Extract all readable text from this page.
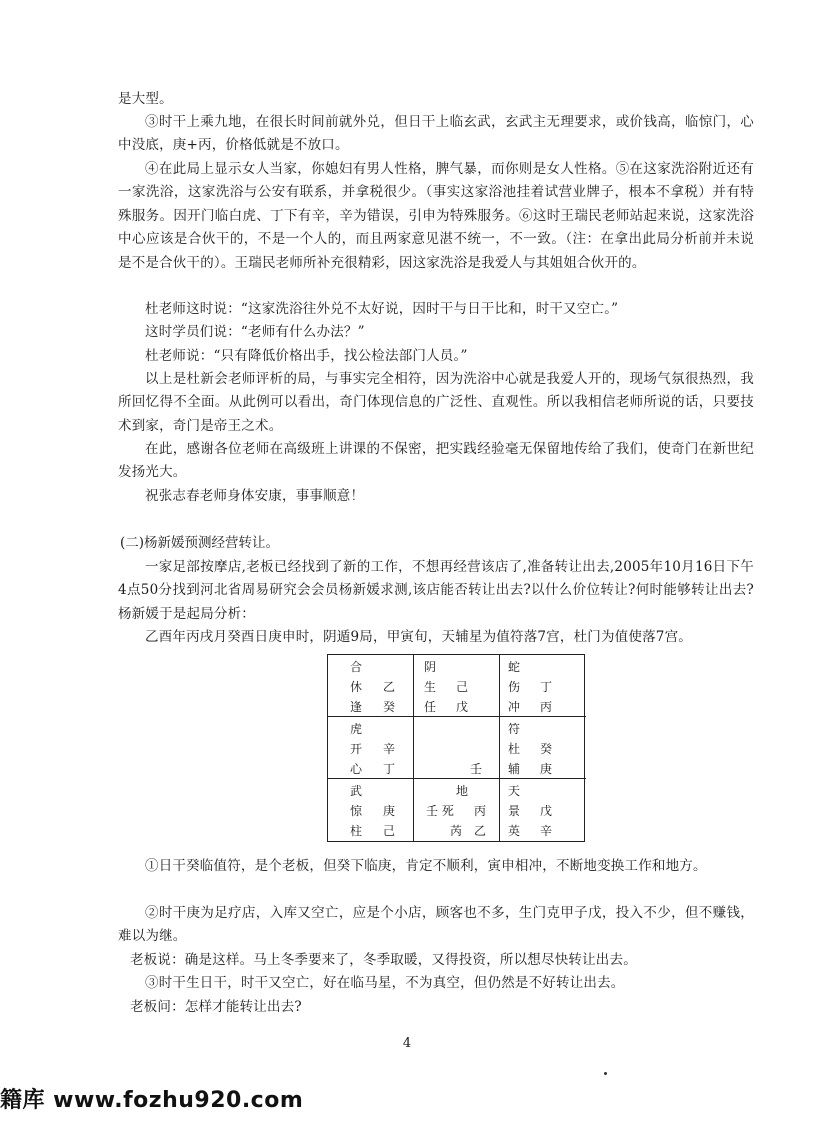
是大型。

③时干上乘九地，在很长时间前就外兑，但日干上临玄武，玄武主无理要求，或价钱高，临惊门，心中没底，庚+丙，价格低就是不放口。

④在此局上显示女人当家，你媳妇有男人性格，脾气暴，而你则是女人性格。⑤在这家洗浴附近还有一家洗浴，这家洗浴与公安有联系，并拿税很少。（事实这家浴池挂着试营业牌子，根本不拿税）并有特殊服务。因开门临白虎、丁下有辛，辛为错误，引申为特殊服务。⑥这时王瑞民老师站起来说，这家洗浴中心应该是合伙干的，不是一个人的，而且两家意见湛不统一，不一致。（注：在拿出此局分析前并未说是不是合伙干的）。王瑞民老师所补充很精彩，因这家洗浴是我爱人与其姐姐合伙开的。

杜老师这时说：“这家洗浴往外兑不太好说，因时干与日干比和，时干又空亡。”

这时学员们说：“老师有什么办法？”

杜老师说：“只有降低价格出手，找公检法部门人员。”

以上是杜新会老师评析的局，与事实完全相符，因为洗浴中心就是我爱人开的，现场气氛很热烈，我所回忆得不全面。从此例可以看出，奇门体现信息的广泛性、直观性。所以我相信老师所说的话，只要技术到家，奇门是帝王之术。

在此，感谢各位老师在高级班上讲课的不保密，把实践经验毫无保留地传给了我们，使奇门在新世纪发扬光大。

祝张志春老师身体安康，事事顺意！

(二)杨新媛预测经营转让。

一家足部按摩店,老板已经找到了新的工作，不想再经营该店了,准备转让出去,2005年10月16日下午4点50分找到河北省周易研究会会员杨新媛求测,该店能否转让出去?以什么价位转让?何时能够转让出去?杨新媛于是起局分析：

乙酉年丙戌月癸酉日庚申时，阴遁9局，甲寅旬，天辅星为值符落7宫，杜门为值使落7宫。

合
休 乙
逢 癸
阴
生 己
任 戊
蛇
伤 丁
冲 丙
虎
开 辛
心 丁	壬
符
杜 癸
辅 庚
武
惊 庚
柱 己
地
壬 死 丙
芮 乙
天
景 戊
英 辛

①日干癸临值符，是个老板，但癸下临庚，肯定不顺利，寅申相冲，不断地变换工作和地方。

②时干庚为足疗店，入库又空亡，应是个小店，顾客也不多，生门克甲子戊，投入不少，但不赚钱，难以为继。

老板说：确是这样。马上冬季要来了，冬季取暖，又得投资，所以想尽快转让出去。

③时干生日干，时干又空亡，好在临马星，不为真空，但仍然是不好转让出去。

老板问：怎样才能转让出去?

4
籍库 www.fozhu920.com
